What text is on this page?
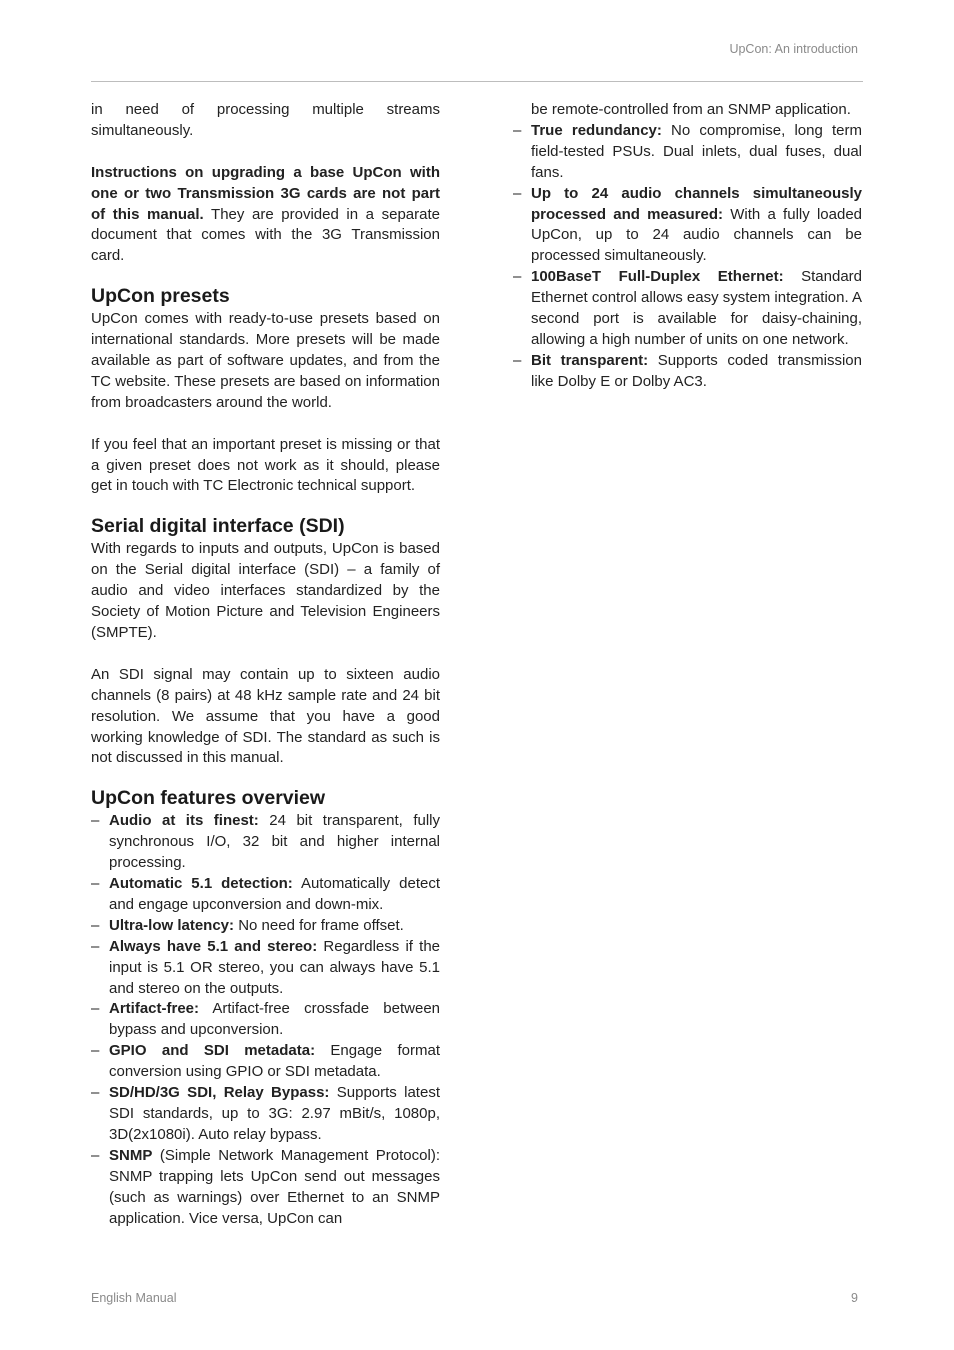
UpCon: An introduction

in need of processing multiple streams simultaneously.

Instructions on upgrading a base UpCon with one or two Transmission 3G cards are not part of this manual. They are provided in a separate document that comes with the 3G Transmission card.

UpCon presets

UpCon comes with ready-to-use presets based on international standards. More presets will be made available as part of software updates, and from the TC website. These presets are based on information from broadcasters around the world.

If you feel that an important preset is missing or that a given preset does not work as it should, please get in touch with TC Electronic technical support.

Serial digital interface (SDI)

With regards to inputs and outputs, UpCon is based on the Serial digital interface (SDI) – a family of audio and video interfaces standardized by the Society of Motion Picture and Television Engineers (SMPTE).

An SDI signal may contain up to sixteen audio channels (8 pairs) at 48 kHz sample rate and 24 bit resolution. We assume that you have a good working knowledge of SDI. The standard as such is not discussed in this manual.

UpCon features overview
– Audio at its finest: 24 bit transparent, fully synchronous I/O, 32 bit and higher internal processing.
– Automatic 5.1 detection: Automatically detect and engage upconversion and down-mix.
– Ultra-low latency: No need for frame offset.
– Always have 5.1 and stereo: Regardless if the input is 5.1 OR stereo, you can always have 5.1 and stereo on the outputs.
– Artifact-free: Artifact-free crossfade between bypass and upconversion.
– GPIO and SDI metadata: Engage format conversion using GPIO or SDI metadata.
– SD/HD/3G SDI, Relay Bypass: Supports latest SDI standards, up to 3G: 2.97 mBit/s, 1080p, 3D(2x1080i). Auto relay bypass.
– SNMP (Simple Network Management Protocol): SNMP trapping lets UpCon send out messages (such as warnings) over Ethernet to an SNMP application. Vice versa, UpCon can

be remote-controlled from an SNMP application.

– True redundancy: No compromise, long term field-tested PSUs. Dual inlets, dual fuses, dual fans.
– Up to 24 audio channels simultaneously processed and measured: With a fully loaded UpCon, up to 24 audio channels can be processed simultaneously.
– 100BaseT Full-Duplex Ethernet: Standard Ethernet control allows easy system integration. A second port is available for daisy-chaining, allowing a high number of units on one network.
– Bit transparent: Supports coded transmission like Dolby E or Dolby AC3.
English Manual	9
